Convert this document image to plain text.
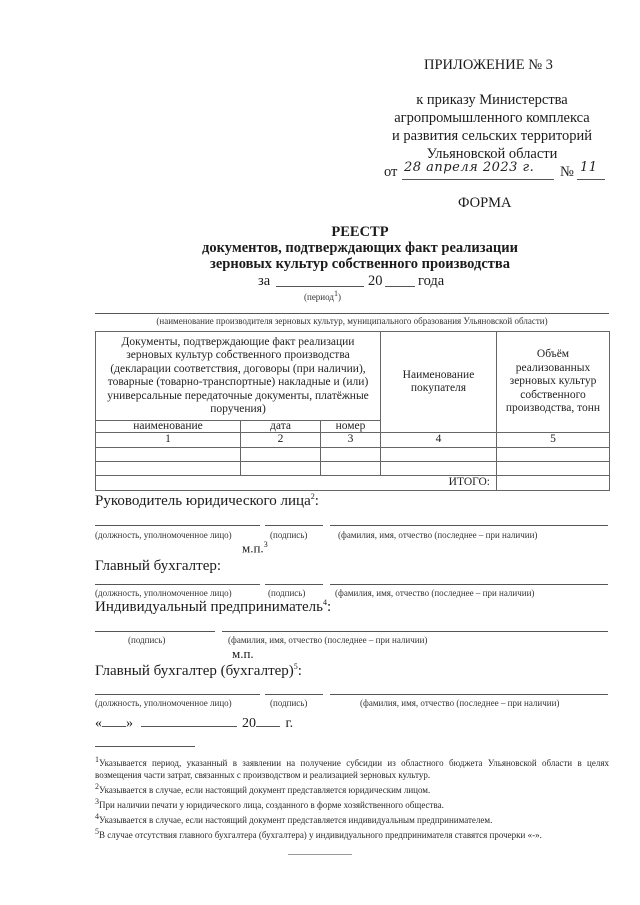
ПРИЛОЖЕНИЕ № 3
к приказу Министерства
агропромышленного комплекса
и развития сельских территорий
Ульяновской области
от 28 апреля 2023 г.	№ 11
ФОРМА
РЕЕСТР
документов, подтверждающих факт реализации
зерновых культур собственного производства
за	20 года
(период1)
(наименование производителя зерновых культур, муниципального образования Ульяновской области)
Документы, подтверждающие факт реализации зерновых культур собственного производства (декларации соответствия, договоры (при наличии), товарные (товарно-транспортные) накладные и (или) универсальные передаточные документы, платёжные поручения)			Наименование покупателя	Объём реализованных зерновых культур собственного производства, тонн
наименование	дата	номер		
1	2	3	4	5

ИТОГО:				
Руководитель юридического лица$^2$:
(должность, уполномоченное лицо)	(подпись)	(фамилия, имя, отчество (последнее – при наличии)
м.п.$^3$
Главный бухгалтер:
(должность, уполномоченное лицо)	(подпись)	(фамилия, имя, отчество (последнее – при наличии)
Индивидуальный предприниматель$^4$:
(подпись)	(фамилия, имя, отчество (последнее – при наличии)
м.п.
Главный бухгалтер (бухгалтер)$^5$:
(должность, уполномоченное лицо)	(подпись)	(фамилия, имя, отчество (последнее – при наличии)
« »	20 г.
1Указывается период, указанный в заявлении на получение субсидии из областного бюджета Ульяновской области в целях возмещения части затрат, связанных с производством и реализацией зерновых культур.
2Указывается в случае, если настоящий документ представляется юридическим лицом.
3При наличии печати у юридического лица, созданного в форме хозяйственного общества.
4Указывается в случае, если настоящий документ представляется индивидуальным предпринимателем.
5В случае отсутствия главного бухгалтера (бухгалтера) у индивидуального предпринимателя ставятся прочерки «-».
